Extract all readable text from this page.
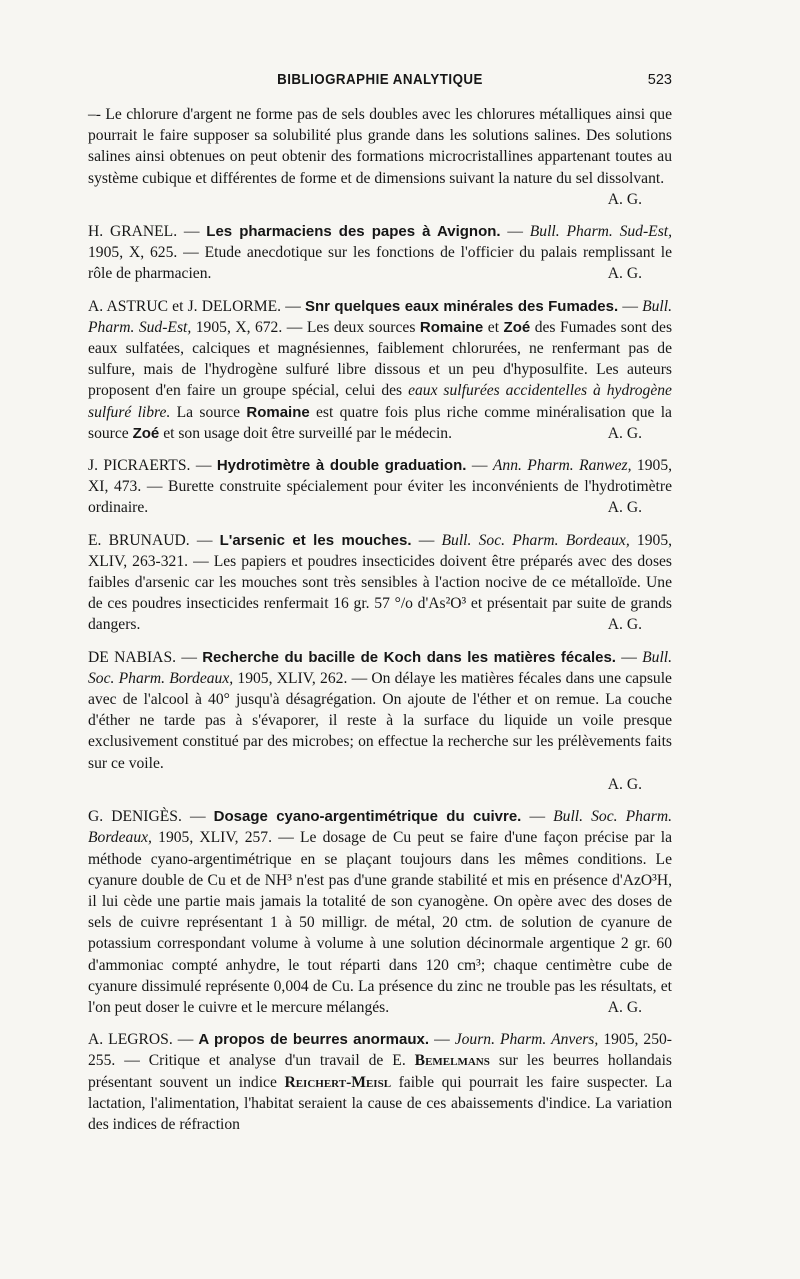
BIBLIOGRAPHIE ANALYTIQUE	523

–- Le chlorure d'argent ne forme pas de sels doubles avec les chlorures métalliques ainsi que pourrait le faire supposer sa solubilité plus grande dans les solutions salines. Des solutions salines ainsi obtenues on peut obtenir des formations microcristallines appartenant toutes au système cubique et différentes de forme et de dimensions suivant la nature du sel dissolvant.
A. G.

H. GRANEL. — Les pharmaciens des papes à Avignon. — Bull. Pharm. Sud-Est, 1905, X, 625. — Etude anecdotique sur les fonctions de l'officier du palais remplissant le rôle de pharmacien.	A. G.

A. ASTRUC et J. DELORME. — Snr quelques eaux minérales des Fumades. — Bull. Pharm. Sud-Est, 1905, X, 672. — Les deux sources Romaine et Zoé des Fumades sont des eaux sulfatées, calciques et magnésiennes, faiblement chlorurées, ne renfermant pas de sulfure, mais de l'hydrogène sulfuré libre dissous et un peu d'hyposulfite. Les auteurs proposent d'en faire un groupe spécial, celui des eaux sulfurées accidentelles à hydrogène sulfuré libre. La source Romaine est quatre fois plus riche comme minéralisation que la source Zoé et son usage doit être surveillé par le médecin.	A. G.

J. PICRAERTS. — Hydrotimètre à double graduation. — Ann. Pharm. Ranwez, 1905, XI, 473. — Burette construite spécialement pour éviter les inconvénients de l'hydrotimètre ordinaire.	A. G.

E. BRUNAUD. — L'arsenic et les mouches. — Bull. Soc. Pharm. Bordeaux, 1905, XLIV, 263-321. — Les papiers et poudres insecticides doivent être préparés avec des doses faibles d'arsenic car les mouches sont très sensibles à l'action nocive de ce métalloïde. Une de ces poudres insecticides renfermait 16 gr. 57 °/o d'As²O³ et présentait par suite de grands dangers.	A. G.

DE NABIAS. — Recherche du bacille de Koch dans les matières fécales. — Bull. Soc. Pharm. Bordeaux, 1905, XLIV, 262. — On délaye les matières fécales dans une capsule avec de l'alcool à 40° jusqu'à désagrégation. On ajoute de l'éther et on remue. La couche d'éther ne tarde pas à s'évaporer, il reste à la surface du liquide un voile presque exclusivement constitué par des microbes; on effectue la recherche sur les prélèvements faits sur ce voile.
A. G.

G. DENIGÈS. — Dosage cyano-argentimétrique du cuivre. — Bull. Soc. Pharm. Bordeaux, 1905, XLIV, 257. — Le dosage de Cu peut se faire d'une façon précise par la méthode cyano-argentimétrique en se plaçant toujours dans les mêmes conditions. Le cyanure double de Cu et de NH³ n'est pas d'une grande stabilité et mis en présence d'AzO³H, il lui cède une partie mais jamais la totalité de son cyanogène. On opère avec des doses de sels de cuivre représentant 1 à 50 milligr. de métal, 20 ctm. de solution de cyanure de potassium correspondant volume à volume à une solution décinormale argentique 2 gr. 60 d'ammoniac compté anhydre, le tout réparti dans 120 cm³; chaque centimètre cube de cyanure dissimulé représente 0,004 de Cu. La présence du zinc ne trouble pas les résultats, et l'on peut doser le cuivre et le mercure mélangés.	A. G.

A. LEGROS. — A propos de beurres anormaux. — Journ. Pharm. Anvers, 1905, 250-255. — Critique et analyse d'un travail de E. Bemelmans sur les beurres hollandais présentant souvent un indice Reichert-Meisl faible qui pourrait les faire suspecter. La lactation, l'alimentation, l'habitat seraient la cause de ces abaissements d'indice. La variation des indices de réfraction
